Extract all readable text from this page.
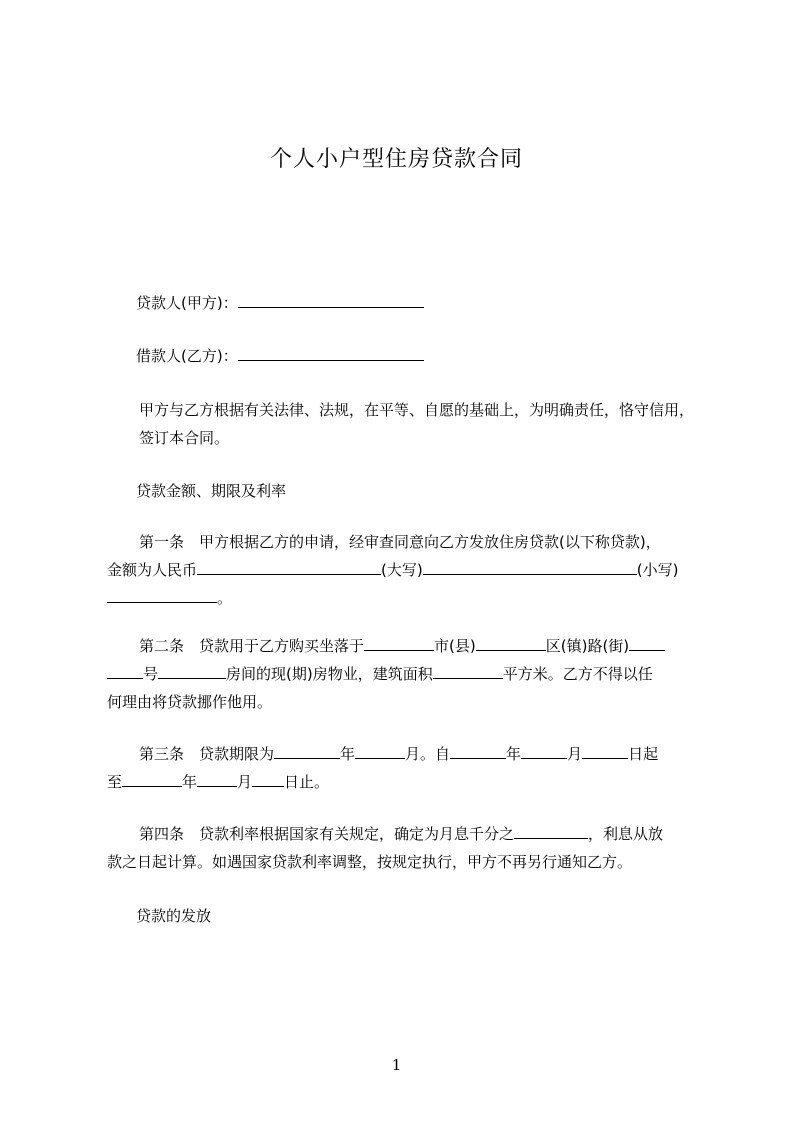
个人小户型住房贷款合同
贷款人(甲方)：
借款人(乙方)：
甲方与乙方根据有关法律、法规，在平等、自愿的基础上，为明确责任，恪守信用，签订本合同。
贷款金额、期限及利率
第一条　甲方根据乙方的申请，经审查同意向乙方发放住房贷款(以下称贷款)，
金额为人民币	(大写)	(小写)
。
第二条　贷款用于乙方购买坐落于	市(县)	区(镇)路(街)
号	房间的现(期)房物业，建筑面积	平方米。乙方不得以任
何理由将贷款挪作他用。
第三条　贷款期限为	年	月。自	年	月	日起
至	年	月 日止。
第四条　贷款利率根据国家有关规定，确定为月息千分之	，利息从放
款之日起计算。如遇国家贷款利率调整，按规定执行，甲方不再另行通知乙方。
贷款的发放
1
